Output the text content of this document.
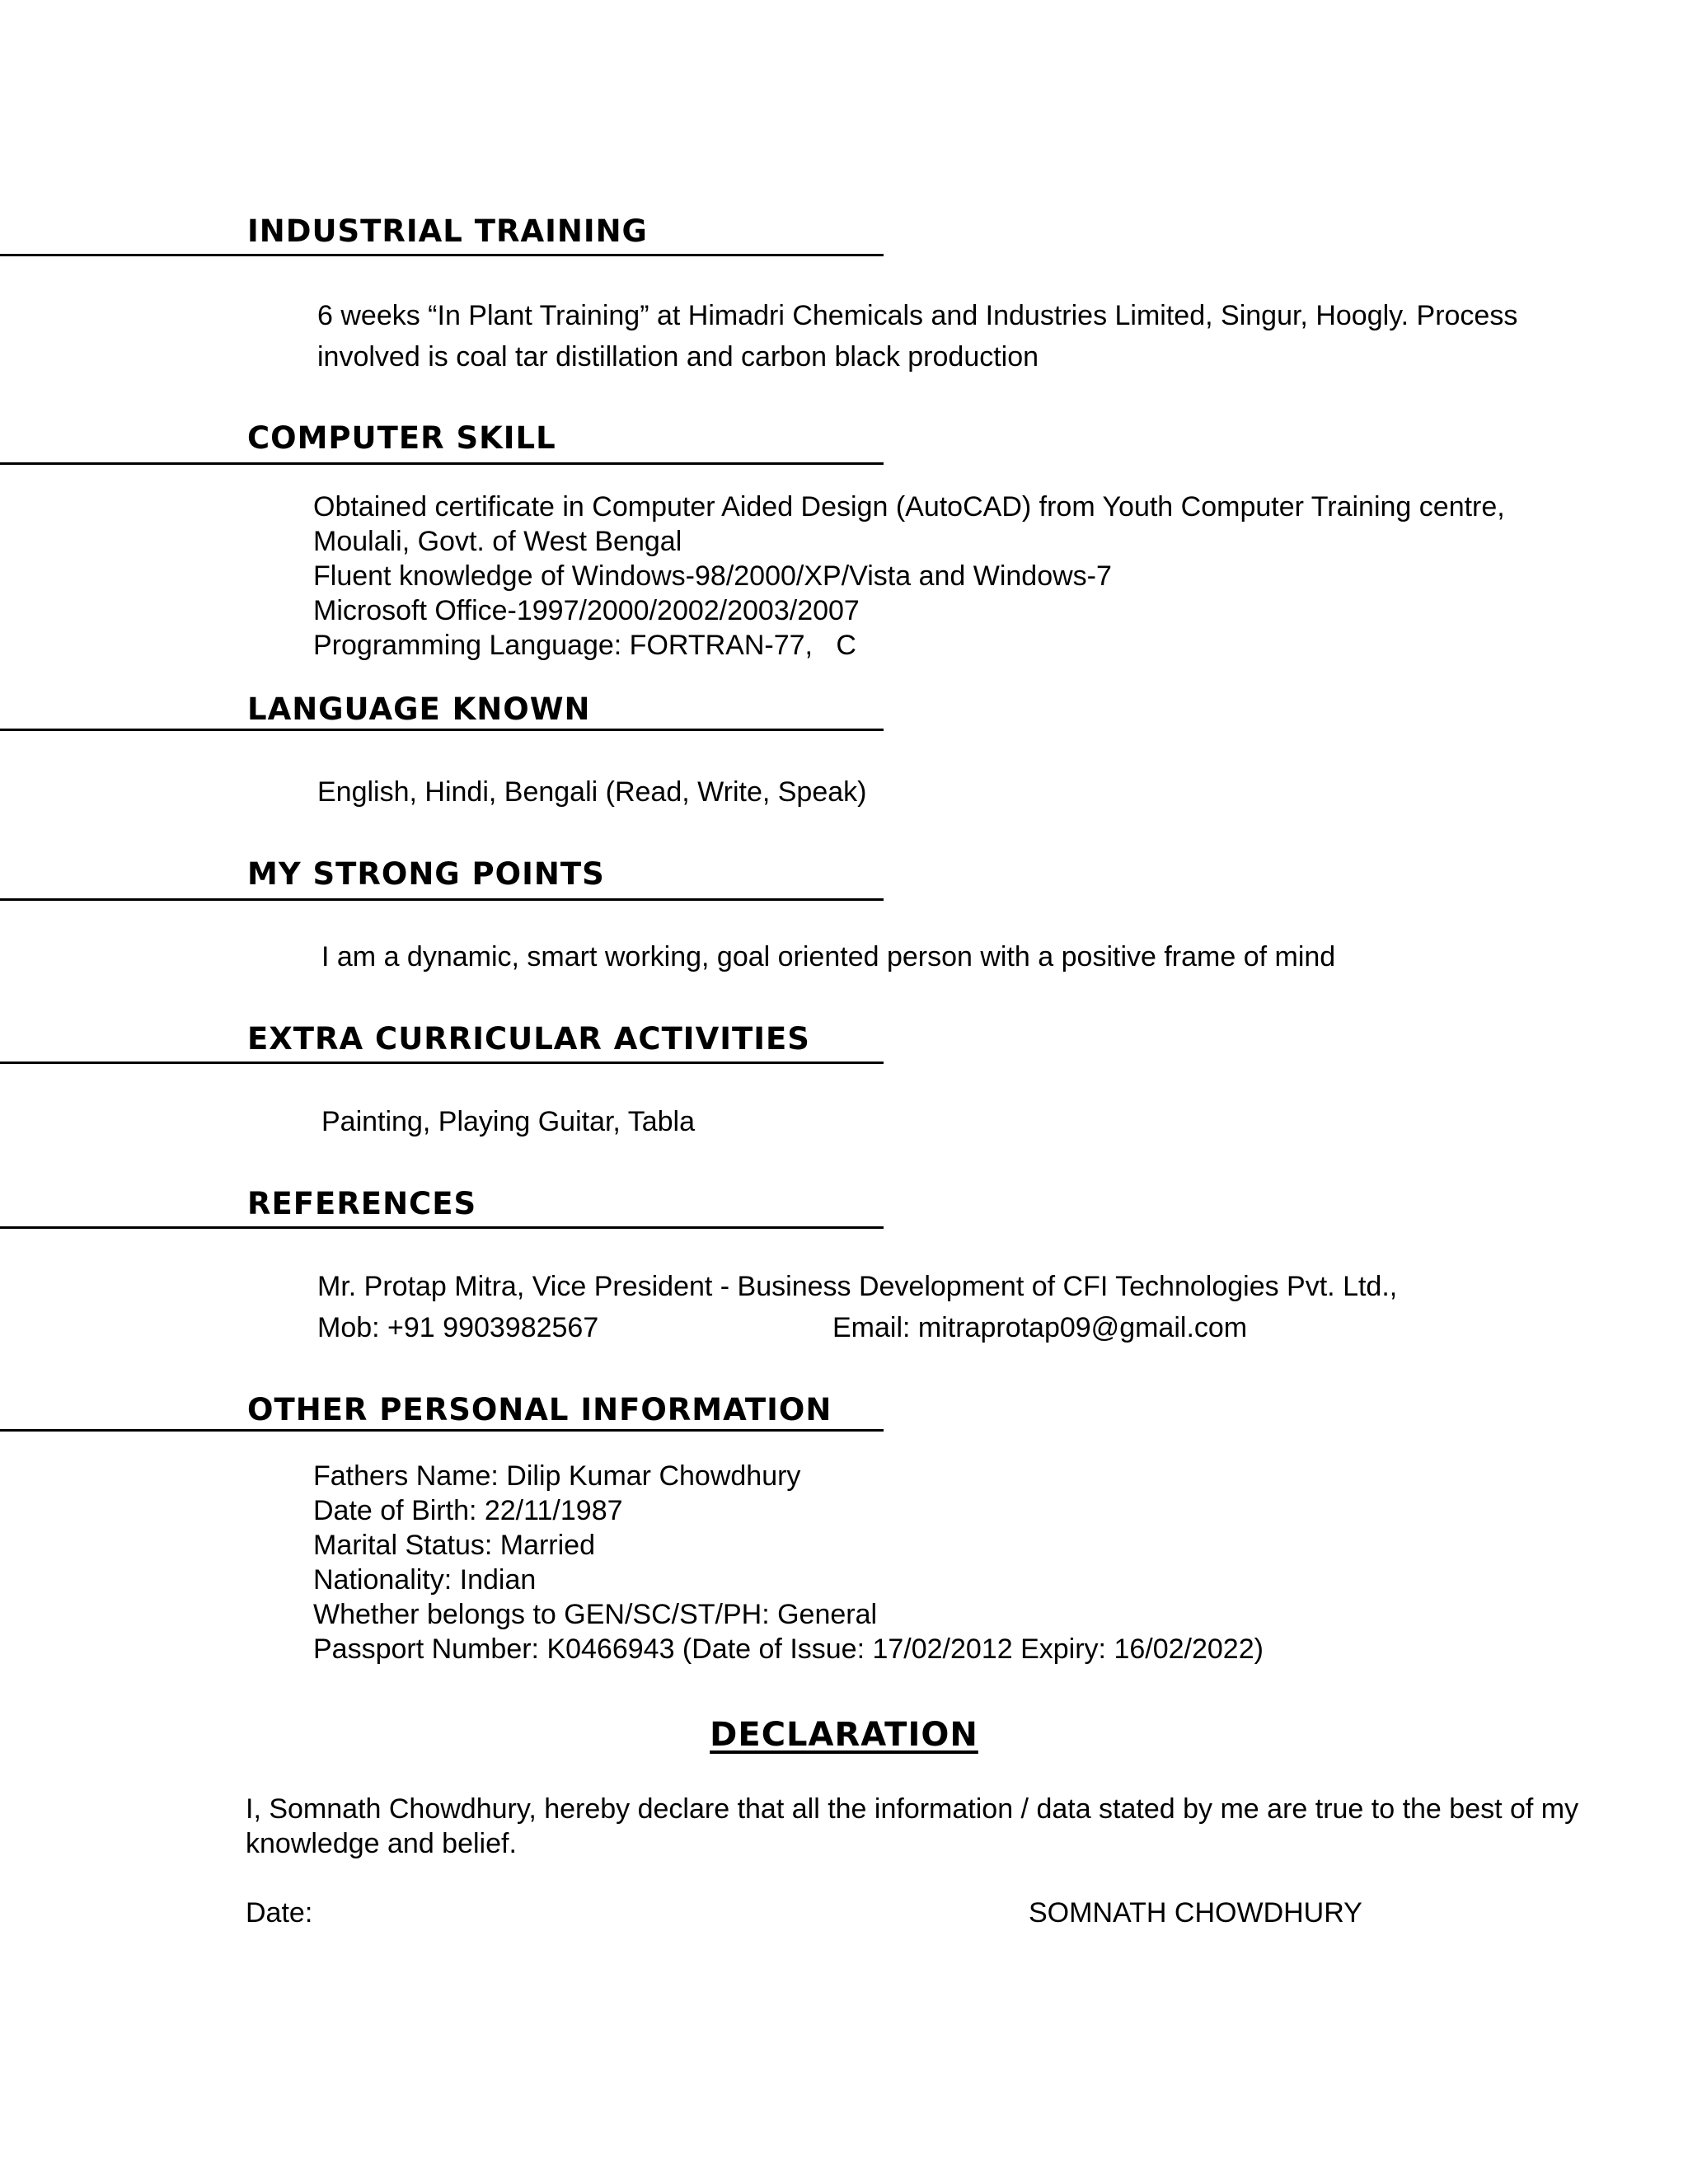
INDUSTRIAL TRAINING
6 weeks “In Plant Training” at Himadri Chemicals and Industries Limited, Singur, Hoogly. Process
involved is coal tar distillation and carbon black production
COMPUTER SKILL
Obtained certificate in Computer Aided Design (AutoCAD) from Youth Computer Training centre,
Moulali, Govt. of West Bengal
Fluent knowledge of Windows-98/2000/XP/Vista and Windows-7
Microsoft Office-1997/2000/2002/2003/2007
Programming Language: FORTRAN-77,   C
LANGUAGE KNOWN
English, Hindi, Bengali (Read, Write, Speak)
MY STRONG POINTS
I am a dynamic, smart working, goal oriented person with a positive frame of mind
EXTRA CURRICULAR ACTIVITIES
Painting, Playing Guitar, Tabla
REFERENCES
Mr. Protap Mitra, Vice President - Business Development of CFI Technologies Pvt. Ltd.,
Mob: +91 9903982567	Email: mitraprotap09@gmail.com
OTHER PERSONAL INFORMATION
Fathers Name: Dilip Kumar Chowdhury
Date of Birth: 22/11/1987
Marital Status: Married
Nationality: Indian
Whether belongs to GEN/SC/ST/PH: General
Passport Number: K0466943 (Date of Issue: 17/02/2012 Expiry: 16/02/2022)
DECLARATION
I, Somnath Chowdhury, hereby declare that all the information / data stated by me are true to the best of my
knowledge and belief.
Date:	SOMNATH CHOWDHURY
